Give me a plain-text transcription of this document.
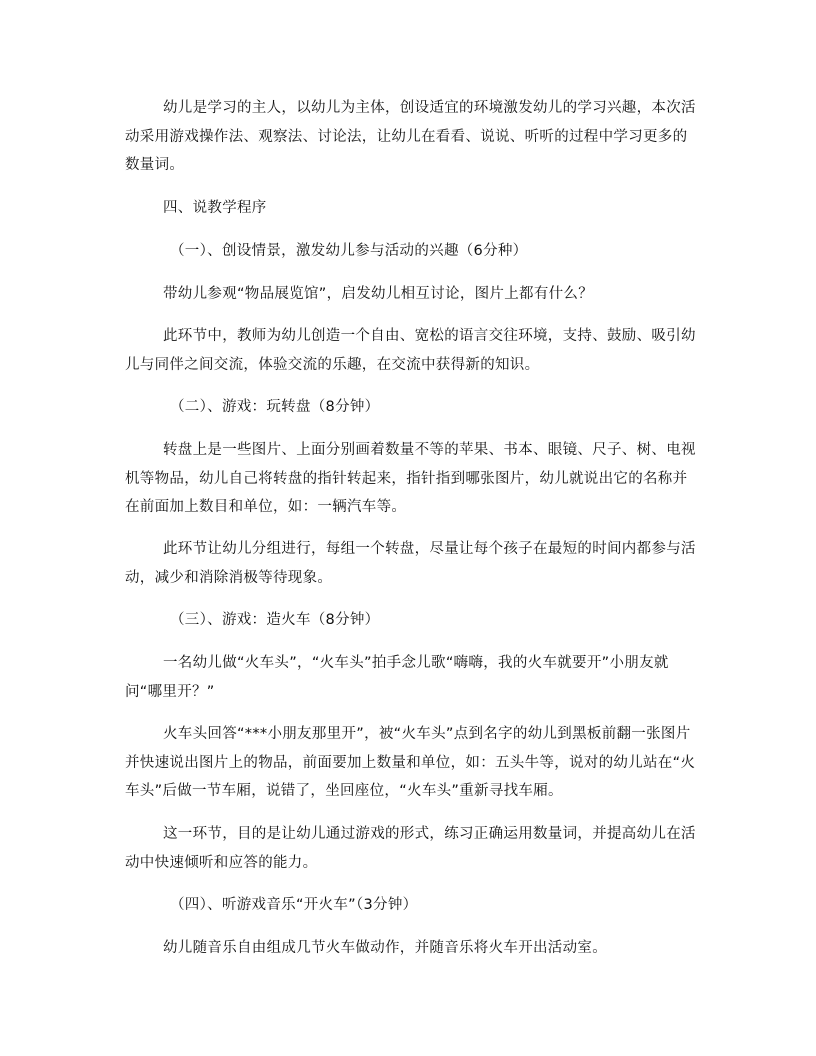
幼儿是学习的主人，以幼儿为主体，创设适宜的环境激发幼儿的学习兴趣，本次活动采用游戏操作法、观察法、讨论法，让幼儿在看看、说说、听听的过程中学习更多的数量词。

四、说教学程序

（一）、创设情景，激发幼儿参与活动的兴趣（6分种）

带幼儿参观“物品展览馆”，启发幼儿相互讨论，图片上都有什么？

此环节中，教师为幼儿创造一个自由、宽松的语言交往环境，支持、鼓励、吸引幼儿与同伴之间交流，体验交流的乐趣，在交流中获得新的知识。

（二）、游戏：玩转盘（8分钟）

转盘上是一些图片、上面分别画着数量不等的苹果、书本、眼镜、尺子、树、电视机等物品，幼儿自己将转盘的指针转起来，指针指到哪张图片，幼儿就说出它的名称并在前面加上数目和单位，如：一辆汽车等。

此环节让幼儿分组进行，每组一个转盘，尽量让每个孩子在最短的时间内都参与活动，减少和消除消极等待现象。

（三）、游戏：造火车（8分钟）

一名幼儿做“火车头”，“火车头”拍手念儿歌“嗨嗨，我的火车就要开”小朋友就问“哪里开？”

火车头回答“***小朋友那里开”，被“火车头”点到名字的幼儿到黑板前翻一张图片并快速说出图片上的物品，前面要加上数量和单位，如：五头牛等，说对的幼儿站在“火车头”后做一节车厢，说错了，坐回座位，“火车头”重新寻找车厢。

这一环节，目的是让幼儿通过游戏的形式，练习正确运用数量词，并提高幼儿在活动中快速倾听和应答的能力。

（四）、听游戏音乐“开火车”（3分钟）

幼儿随音乐自由组成几节火车做动作，并随音乐将火车开出活动室。
